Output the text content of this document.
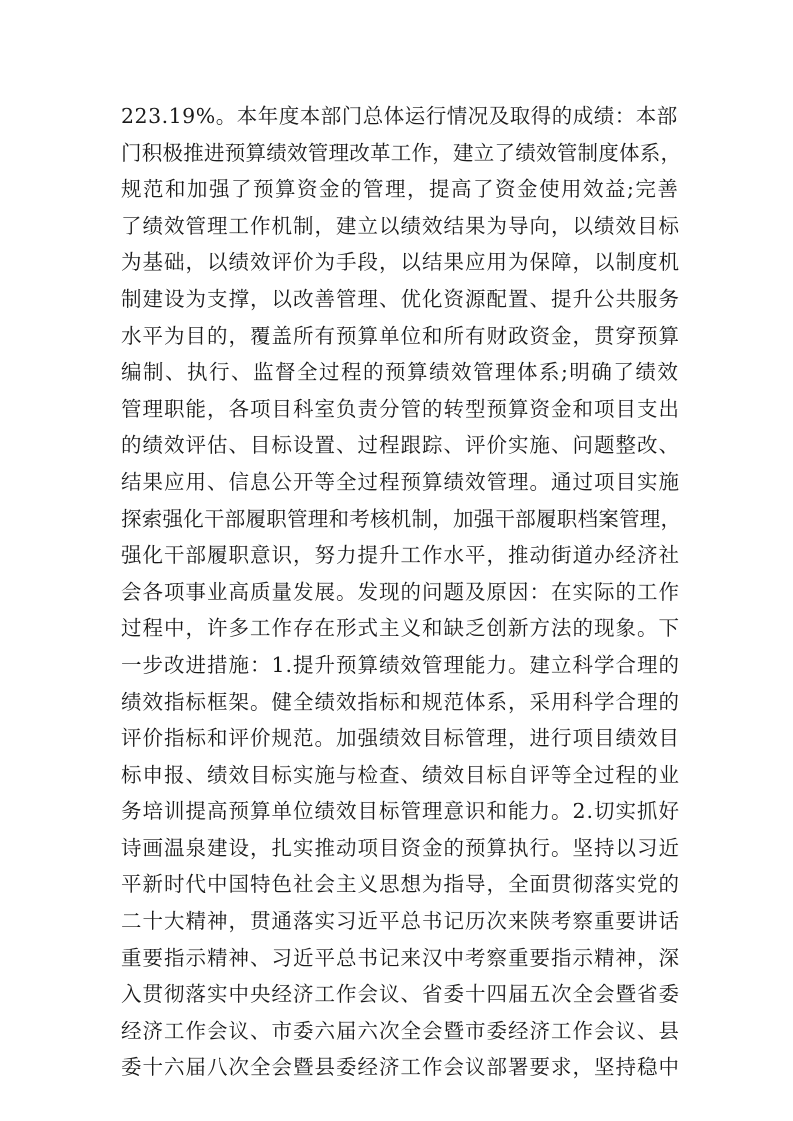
223.19%。本年度本部门总体运行情况及取得的成绩：本部
门积极推进预算绩效管理改革工作，建立了绩效管制度体系，
规范和加强了预算资金的管理，提高了资金使用效益;完善
了绩效管理工作机制，建立以绩效结果为导向，以绩效目标
为基础，以绩效评价为手段，以结果应用为保障，以制度机
制建设为支撑，以改善管理、优化资源配置、提升公共服务
水平为目的，覆盖所有预算单位和所有财政资金，贯穿预算
编制、执行、监督全过程的预算绩效管理体系;明确了绩效
管理职能，各项目科室负责分管的转型预算资金和项目支出
的绩效评估、目标设置、过程跟踪、评价实施、问题整改、
结果应用、信息公开等全过程预算绩效管理。通过项目实施
探索强化干部履职管理和考核机制，加强干部履职档案管理，
强化干部履职意识，努力提升工作水平，推动街道办经济社
会各项事业高质量发展。发现的问题及原因：在实际的工作
过程中，许多工作存在形式主义和缺乏创新方法的现象。下
一步改进措施：1.提升预算绩效管理能力。建立科学合理的
绩效指标框架。健全绩效指标和规范体系，采用科学合理的
评价指标和评价规范。加强绩效目标管理，进行项目绩效目
标申报、绩效目标实施与检查、绩效目标自评等全过程的业
务培训提高预算单位绩效目标管理意识和能力。2.切实抓好
诗画温泉建设，扎实推动项目资金的预算执行。坚持以习近
平新时代中国特色社会主义思想为指导，全面贯彻落实党的
二十大精神，贯通落实习近平总书记历次来陕考察重要讲话
重要指示精神、习近平总书记来汉中考察重要指示精神，深
入贯彻落实中央经济工作会议、省委十四届五次全会暨省委
经济工作会议、市委六届六次全会暨市委经济工作会议、县
委十六届八次全会暨县委经济工作会议部署要求，坚持稳中
